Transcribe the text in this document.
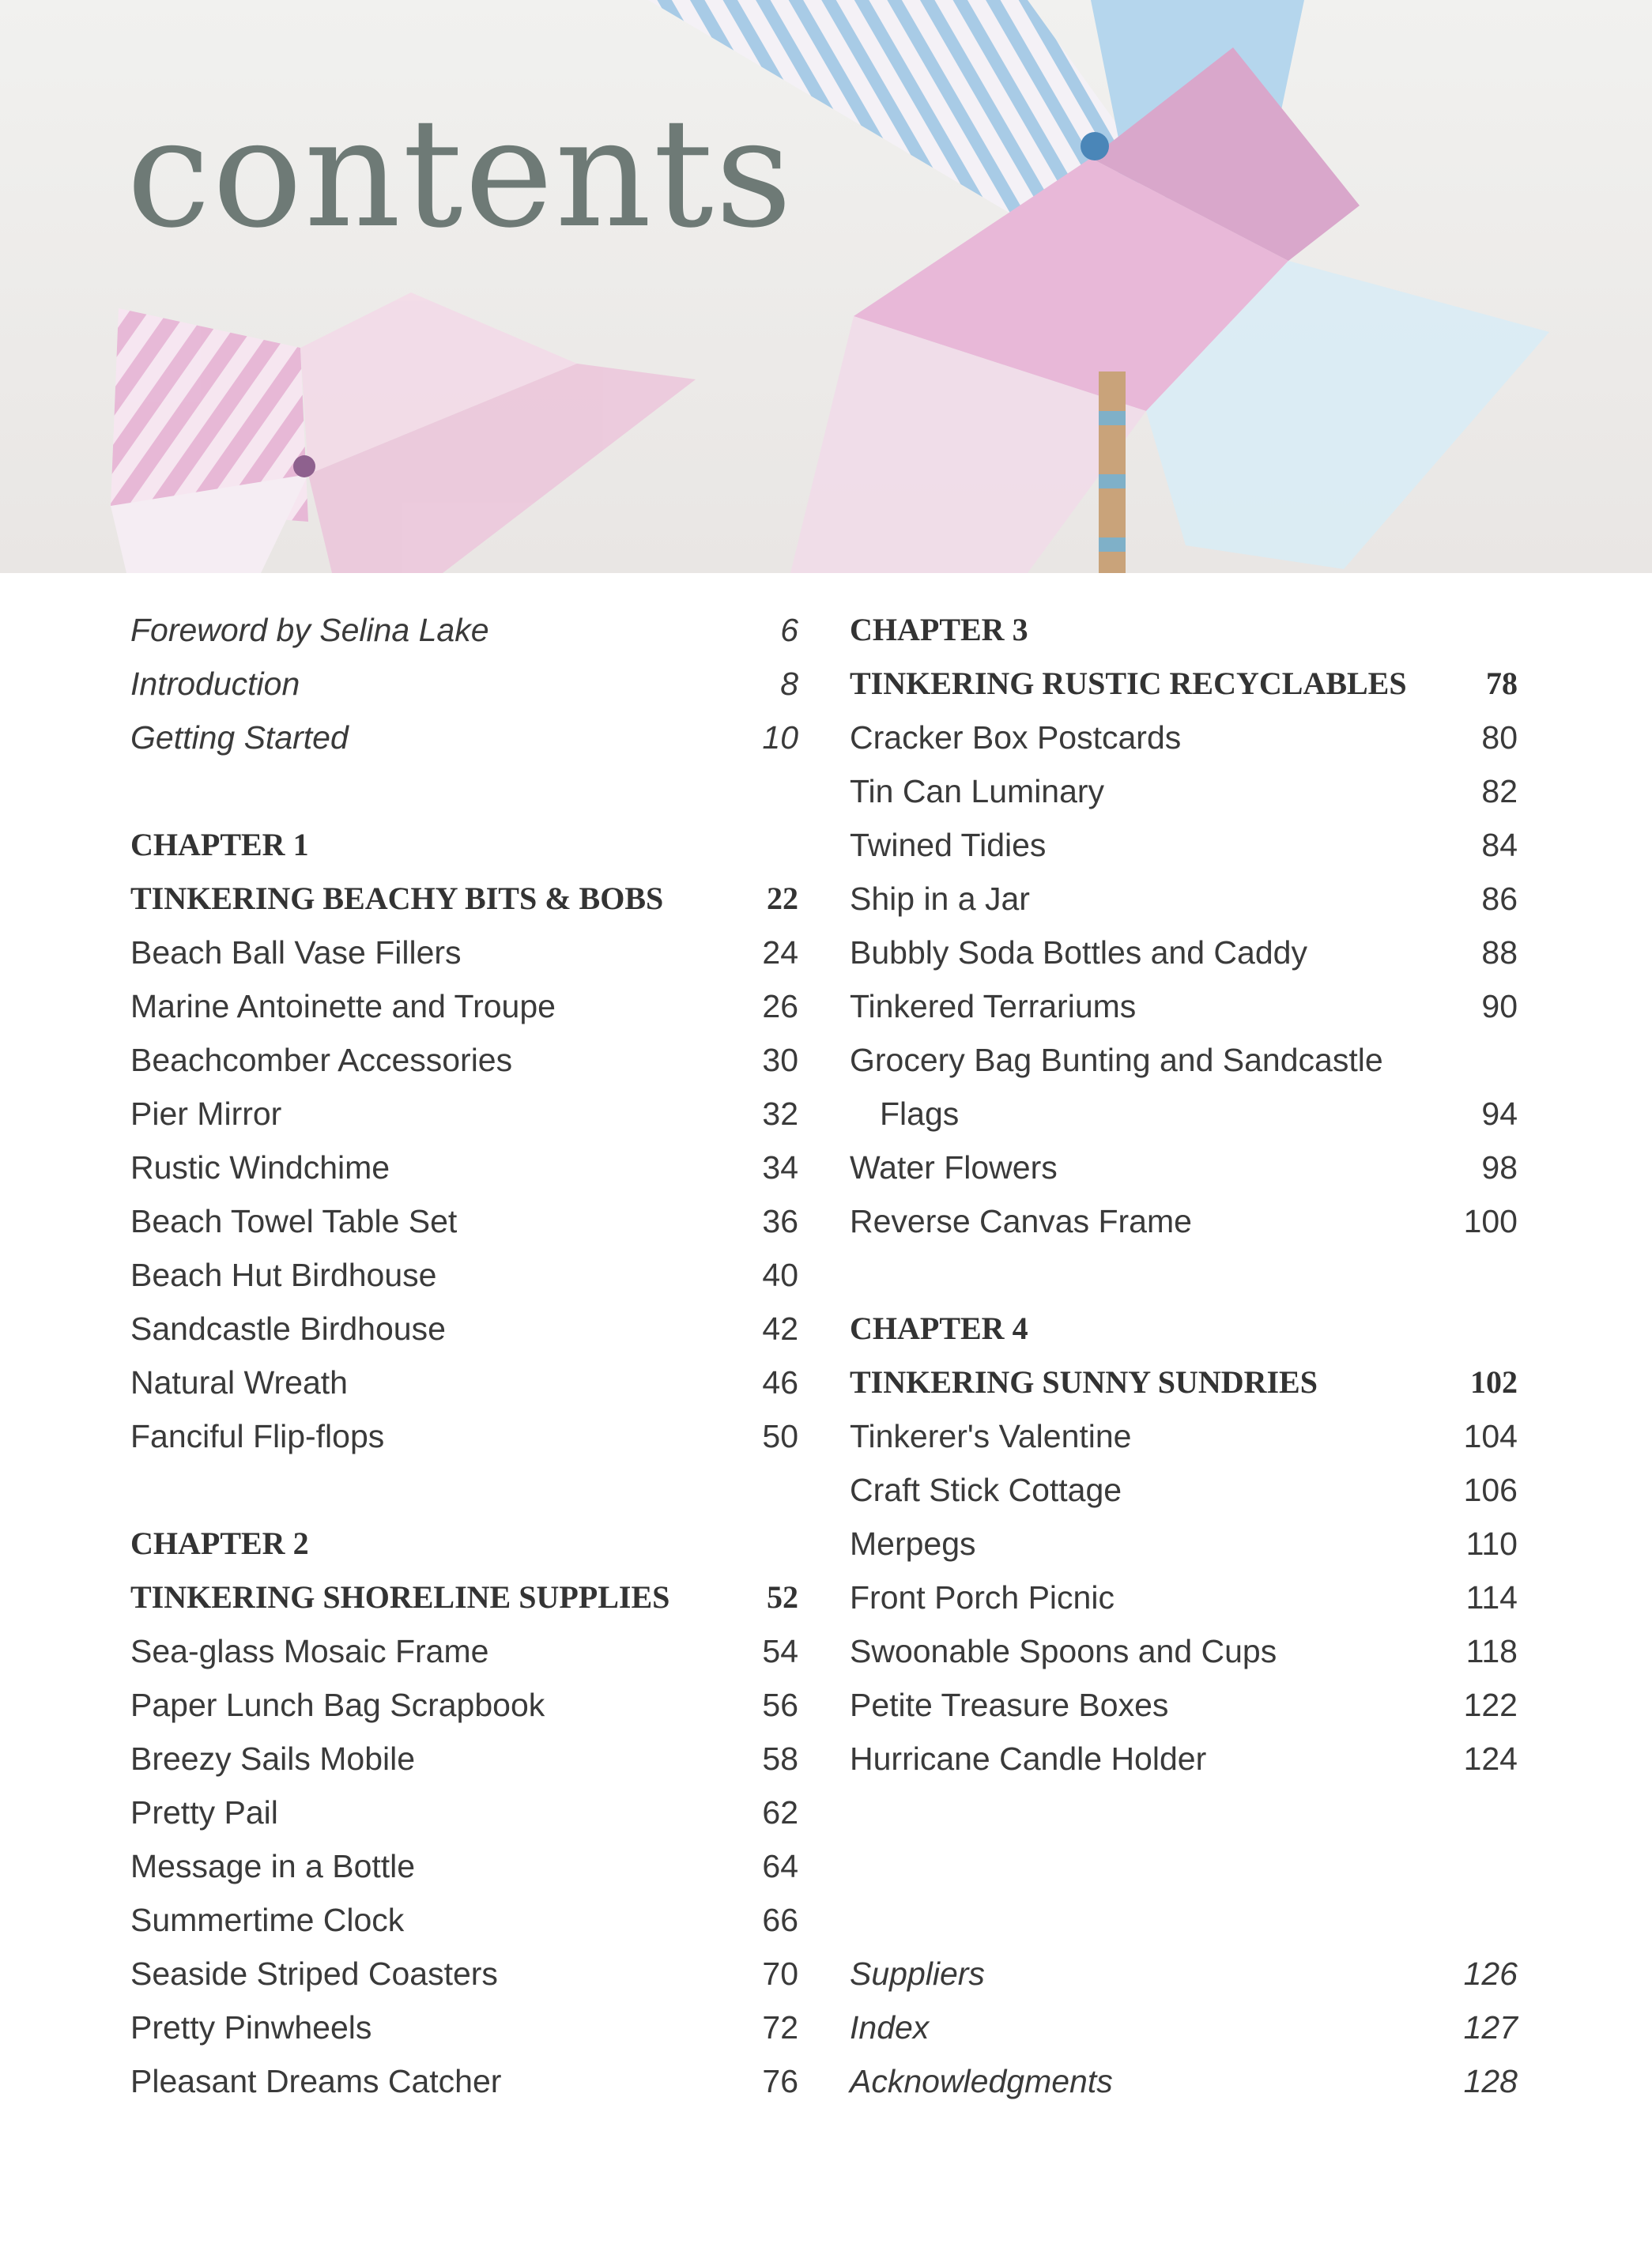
contents
Foreword by Selina Lake	6
Introduction	8
Getting Started	10
CHAPTER 1
TINKERING BEACHY BITS & BOBS	22
Beach Ball Vase Fillers	24
Marine Antoinette and Troupe	26
Beachcomber Accessories	30
Pier Mirror	32
Rustic Windchime	34
Beach Towel Table Set	36
Beach Hut Birdhouse	40
Sandcastle Birdhouse	42
Natural Wreath	46
Fanciful Flip-flops	50
CHAPTER 2
TINKERING SHORELINE SUPPLIES	52
Sea-glass Mosaic Frame	54
Paper Lunch Bag Scrapbook	56
Breezy Sails Mobile	58
Pretty Pail	62
Message in a Bottle	64
Summertime Clock	66
Seaside Striped Coasters	70
Pretty Pinwheels	72
Pleasant Dreams Catcher	76
CHAPTER 3
TINKERING RUSTIC RECYCLABLES	78
Cracker Box Postcards	80
Tin Can Luminary	82
Twined Tidies	84
Ship in a Jar	86
Bubbly Soda Bottles and Caddy	88
Tinkered Terrariums	90
Grocery Bag Bunting and Sandcastle
Flags	94
Water Flowers	98
Reverse Canvas Frame	100
CHAPTER 4
TINKERING SUNNY SUNDRIES	102
Tinkerer's Valentine	104
Craft Stick Cottage	106
Merpegs	110
Front Porch Picnic	114
Swoonable Spoons and Cups	118
Petite Treasure Boxes	122
Hurricane Candle Holder	124
Suppliers	126
Index	127
Acknowledgments	128
